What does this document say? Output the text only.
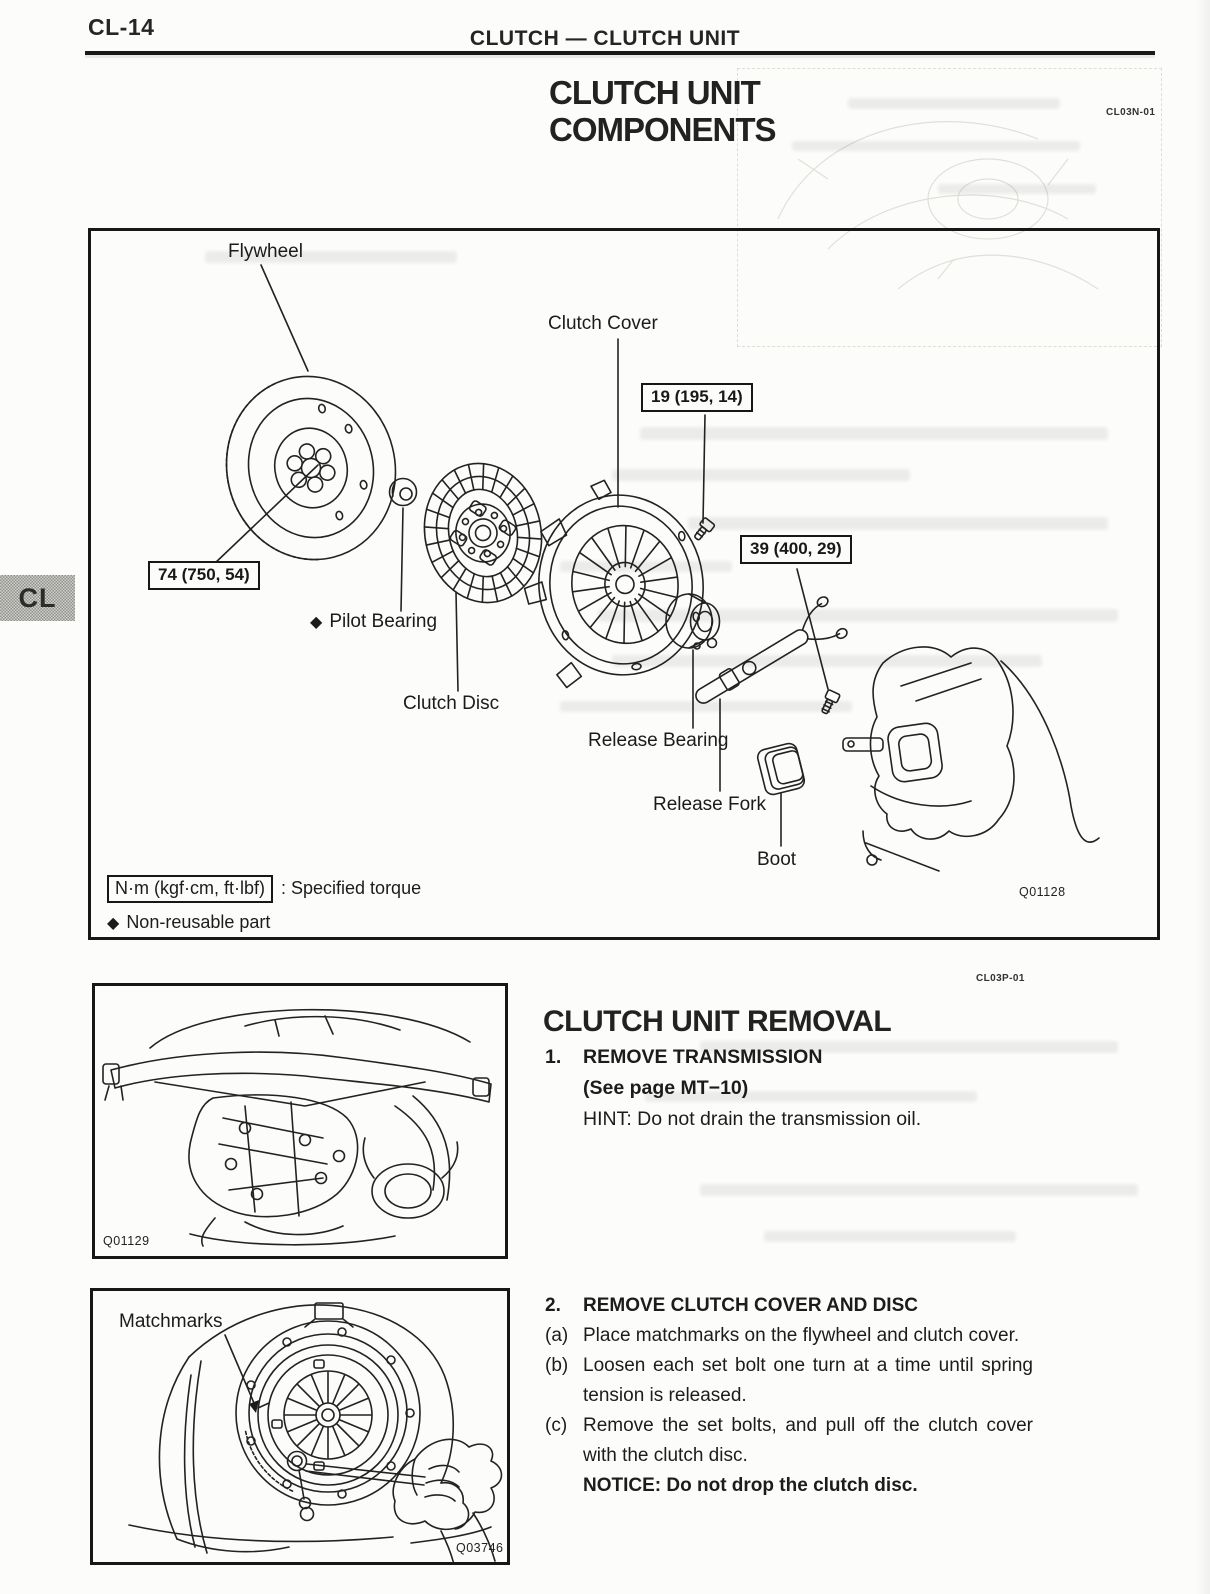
CL-14	CLUTCH — CLUTCH UNIT
CLUTCH UNIT
COMPONENTS	CL03N-01
CL
Flywheel
Clutch Cover
19 (195, 14)
74 (750, 54)
39 (400, 29)
◆ Pilot Bearing
Clutch Disc
Release Bearing
Release Fork
Boot
N·m (kgf·cm, ft·lbf) : Specified torque
◆ Non-reusable part
Q01128
CLUTCH UNIT REMOVAL
1.	REMOVE TRANSMISSION
(See page MT−10)
HINT: Do not drain the transmission oil.
2.	REMOVE CLUTCH COVER AND DISC
(a) Place matchmarks on the flywheel and clutch cover.
(b) Loosen each set bolt one turn at a time until spring tension is released.
(c) Remove the set bolts, and pull off the clutch cover with the clutch disc.
NOTICE: Do not drop the clutch disc.
CL03P-01
Q01129
Matchmarks
Q03746
